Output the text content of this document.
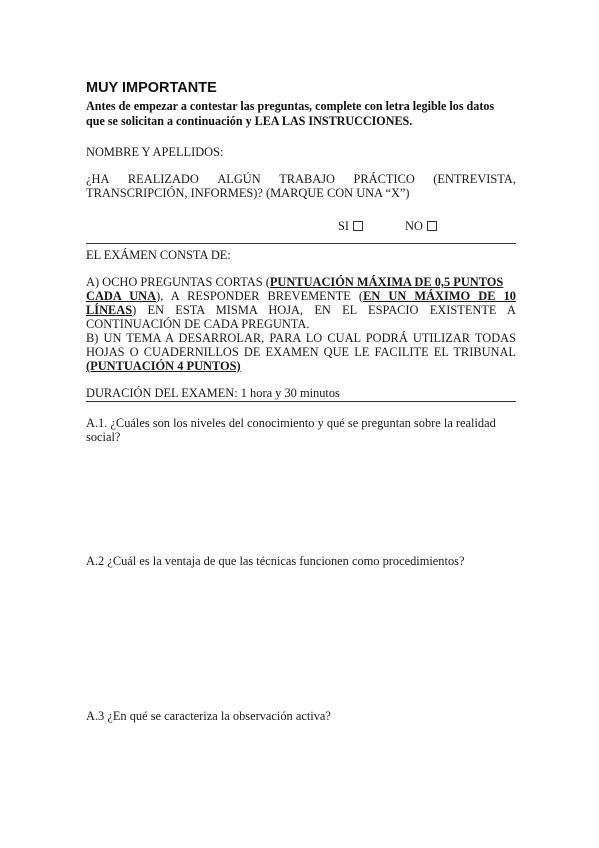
MUY IMPORTANTE
Antes de empezar a contestar las preguntas, complete con letra legible los datos
que se solicitan a continuación y LEA LAS INSTRUCCIONES.
NOMBRE Y APELLIDOS:
¿HA REALIZADO ALGÚN TRABAJO PRÁCTICO (ENTREVISTA,
TRANSCRIPCIÓN, INFORMES)? (MARQUE CON UNA “X”)
SI	NO
EL EXÁMEN CONSTA DE:
A) OCHO PREGUNTAS CORTAS (PUNTUACIÓN MÁXIMA DE 0,5 PUNTOS
CADA UNA), A RESPONDER BREVEMENTE (EN UN MÁXIMO DE 10
LÍNEAS) EN ESTA MISMA HOJA, EN EL ESPACIO EXISTENTE A
CONTINUACIÓN DE CADA PREGUNTA.
B) UN TEMA A DESARROLAR, PARA LO CUAL PODRÁ UTILIZAR TODAS
HOJAS O CUADERNILLOS DE EXAMEN QUE LE FACILITE EL TRIBUNAL
(PUNTUACIÓN 4 PUNTOS)
DURACIÓN DEL EXAMEN: 1 hora y 30 minutos
A.1. ¿Cuáles son los niveles del conocimiento y qué se preguntan sobre la realidad
social?
A.2 ¿Cuál es la ventaja de que las técnicas funcionen como procedimientos?
A.3 ¿En qué se caracteriza la observación activa?
